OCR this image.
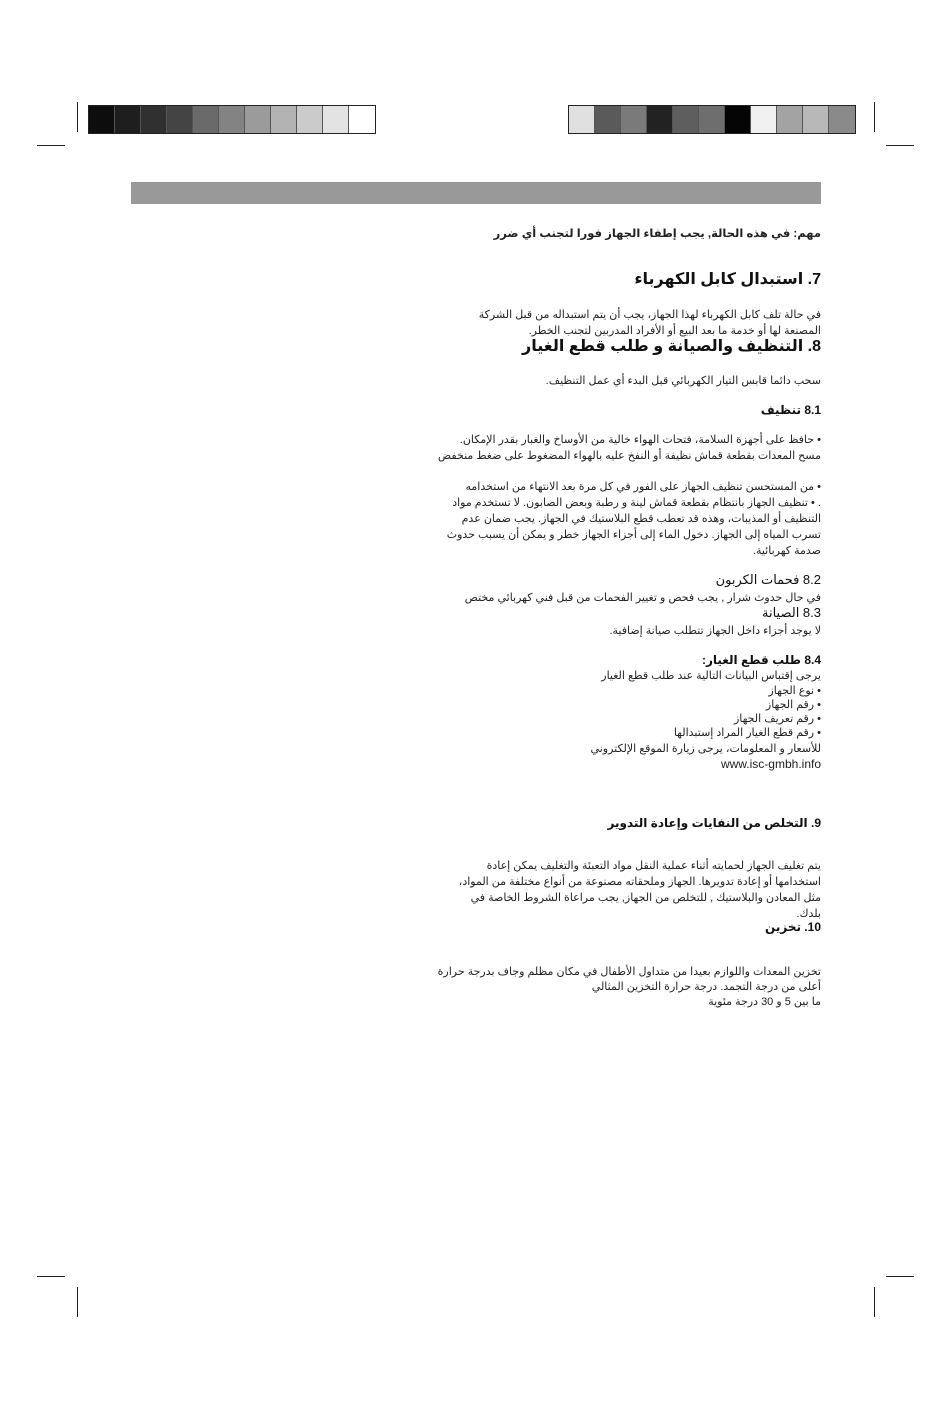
مهم: في هذه الحالة, يجب إطفاء الجهاز فورا لتجنب أي ضرر
7. استبدال كابل الكهرباء
في حالة تلف كابل الكهرباء لهذا الجهاز، يجب أن يتم استبداله من قبل الشركة
المصنعة لها أو خدمة ما بعد البيع أو الأفراد المدربين لتجنب الخطر.
8. التنظيف والصيانة و طلب قطع الغيار
سحب دائما قابس التيار الكهربائي قبل البدء أي عمل التنظيف.
8.1 تنظيف
• حافظ على أجهزة السلامة، فتحات الهواء خالية من الأوساخ والغبار بقدر الإمكان.
مسح المعدات بقطعة قماش نظيفة أو النفخ عليه بالهواء المضغوط على ضغط منخفض
• من المستحسن تنظيف الجهاز على الفور في كل مرة بعد الانتهاء من استخدامه
. • تنظيف الجهاز بانتظام بقطعة قماش لينة و رطبة وبعض الصابون. لا تستخدم مواد
التنظيف أو المذيبات، وهذه قد تعطب قطع البلاستيك في الجهاز. يجب ضمان عدم
تسرب المياه إلى الجهاز. دخول الماء إلى أجزاء الجهاز خطر و يمكن أن يسبب حدوث
صدمة كهربائية.
8.2 فحمات الكربون
في حال حدوث شرار , يجب فحص و تغيير الفحمات من قبل فني كهربائي مختص
8.3 الصيانة
لا يوجد أجزاء داخل الجهاز تتطلب صيانة إضافية.
8.4 طلب قطع الغيار:
يرجى إقتباس البيانات التالية عند طلب قطع الغيار
• نوع الجهاز
• رقم الجهاز
• رقم تعريف الجهاز
• رقم قطع الغيار المراد إستبدالها
للأسعار و المعلومات، يرجى زيارة الموقع الإلكتروني
www.isc-gmbh.info
9. التخلص من النفايات وإعادة التدوير
يتم تغليف الجهاز لحمايته أثناء عملية النقل مواد التعبئة والتغليف يمكن إعادة
استخدامها أو إعادة تدويرها. الجهاز وملحقاته مصنوعة من أنواع مختلفة من المواد،
مثل المعادن والبلاستيك , للتخلص من الجهاز, يجب مراعاة الشروط الخاصة في
بلدك.
10. تخزين
تخزين المعدات واللوازم بعيدا من متداول الأطفال في مكان مظلم وجاف بدرجة حرارة
أعلى من درجة التجمد. درجة حرارة التخزين المثالي
ما بين 5 و 30 درجة مئوية
